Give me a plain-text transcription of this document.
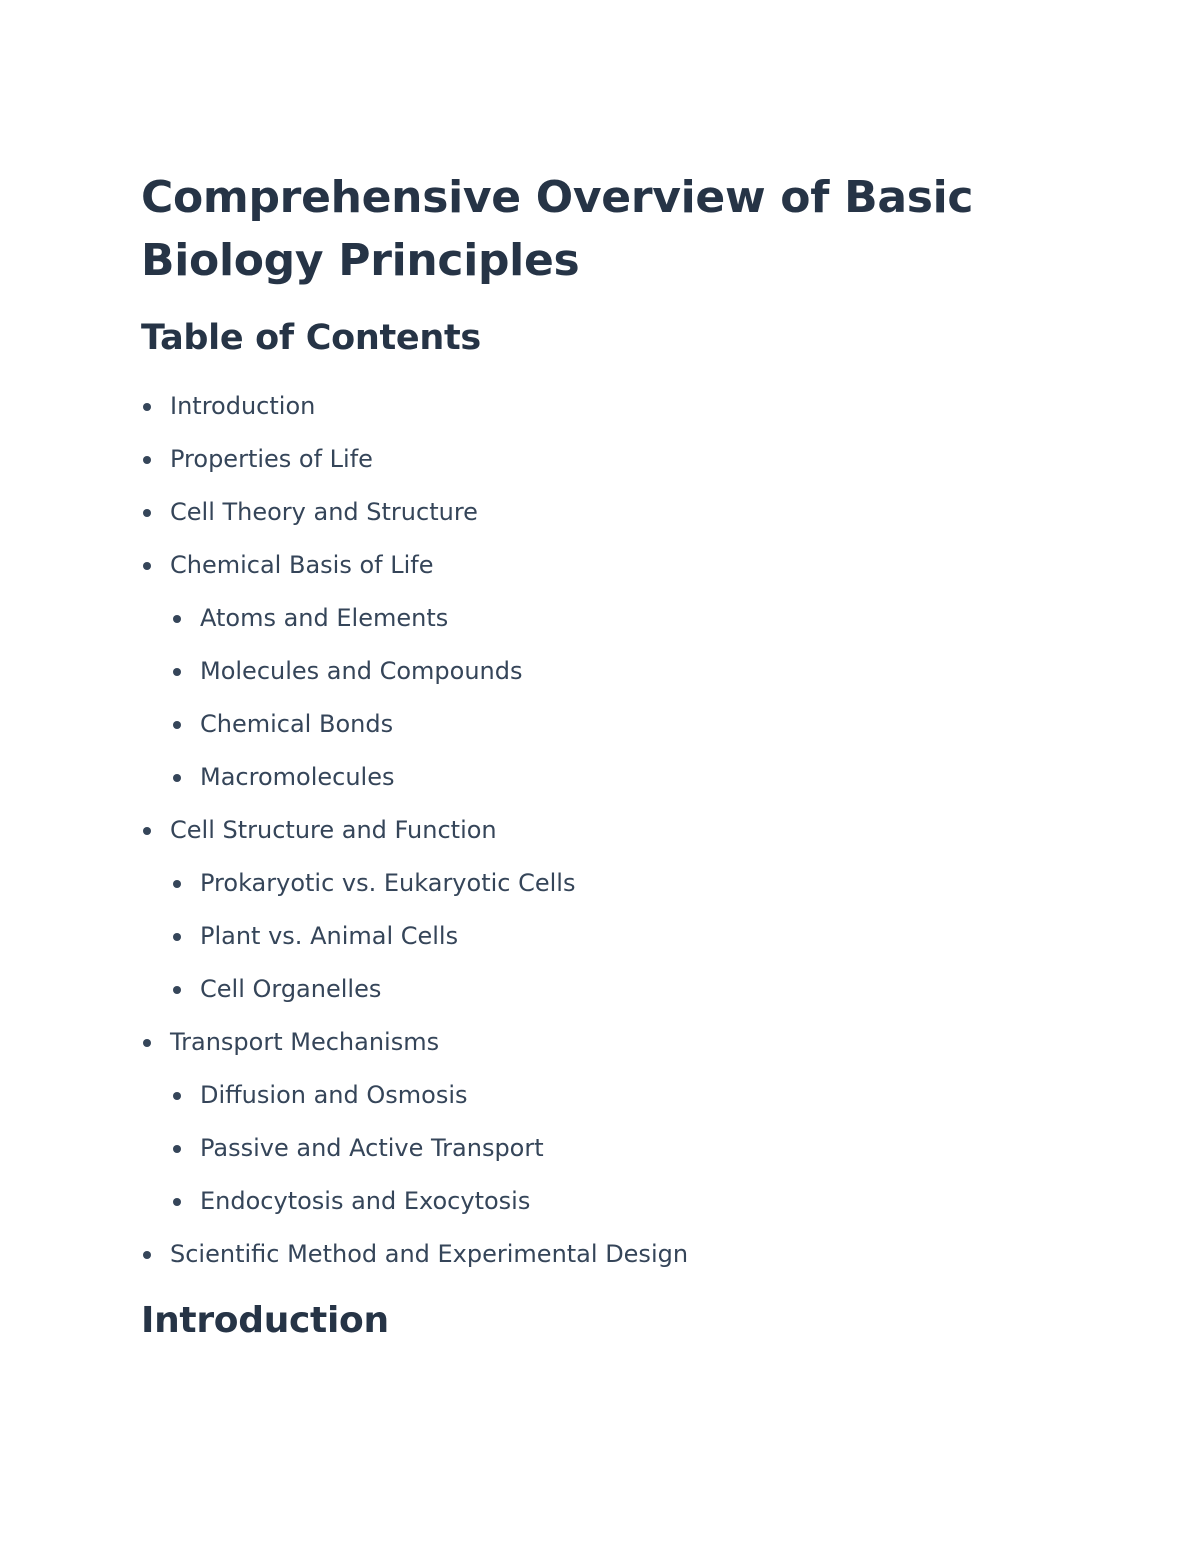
Comprehensive Overview of Basic Biology Principles
Table of Contents
Introduction
Properties of Life
Cell Theory and Structure
Chemical Basis of Life
Atoms and Elements
Molecules and Compounds
Chemical Bonds
Macromolecules
Cell Structure and Function
Prokaryotic vs. Eukaryotic Cells
Plant vs. Animal Cells
Cell Organelles
Transport Mechanisms
Diffusion and Osmosis
Passive and Active Transport
Endocytosis and Exocytosis
Scientific Method and Experimental Design
Introduction
